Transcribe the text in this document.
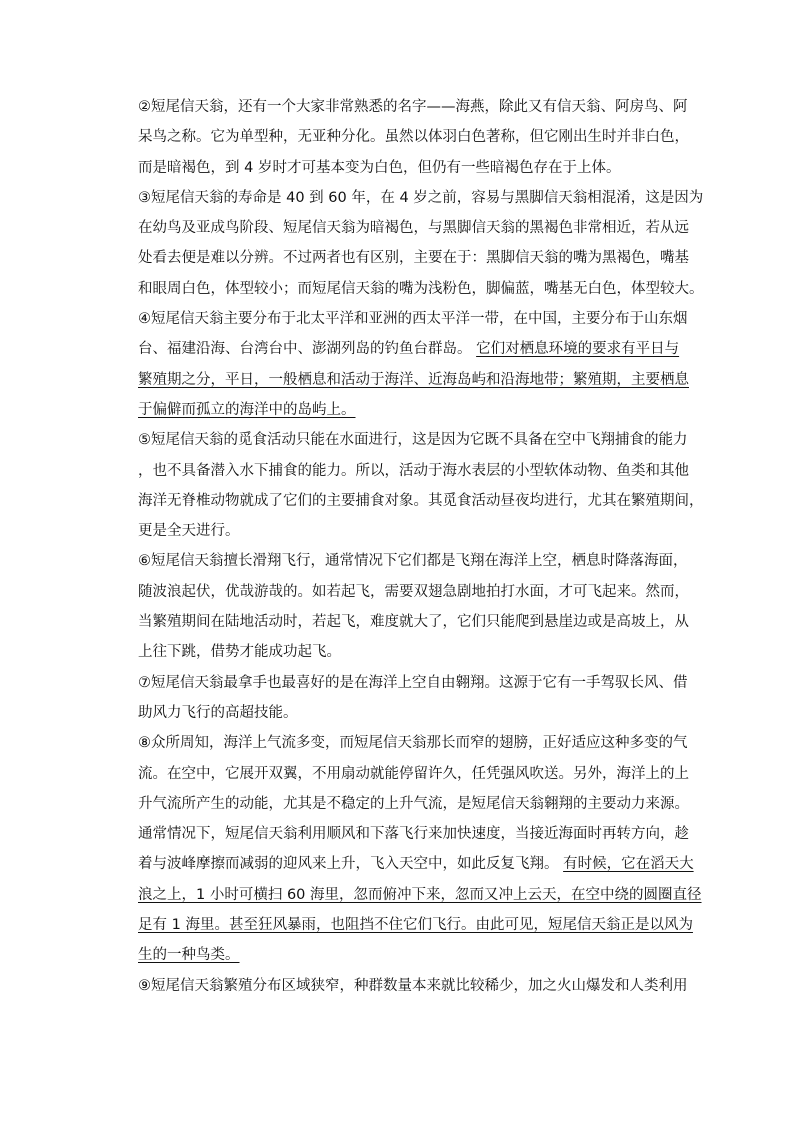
②短尾信天翁，还有一个大家非常熟悉的名字——海燕，除此又有信天翁、阿房鸟、阿
呆鸟之称。它为单型种，无亚种分化。虽然以体羽白色著称，但它刚出生时并非白色，
而是暗褐色，到 4 岁时才可基本变为白色，但仍有一些暗褐色存在于上体。
③短尾信天翁的寿命是 40 到 60 年，在 4 岁之前，容易与黑脚信天翁相混淆，这是因为
在幼鸟及亚成鸟阶段、短尾信天翁为暗褐色，与黑脚信天翁的黑褐色非常相近，若从远
处看去便是难以分辨。不过两者也有区别，主要在于：黑脚信天翁的嘴为黑褐色，嘴基
和眼周白色，体型较小；而短尾信天翁的嘴为浅粉色，脚偏蓝，嘴基无白色，体型较大。
④短尾信天翁主要分布于北太平洋和亚洲的西太平洋一带，在中国，主要分布于山东烟
台、福建沿海、台湾台中、澎湖列岛的钓鱼台群岛。 它们对栖息环境的要求有平日与
繁殖期之分，平日，一般栖息和活动于海洋、近海岛屿和沿海地带；繁殖期，主要栖息
于偏僻而孤立的海洋中的岛屿上。
⑤短尾信天翁的觅食活动只能在水面进行，这是因为它既不具备在空中飞翔捕食的能力
，也不具备潜入水下捕食的能力。所以，活动于海水表层的小型软体动物、鱼类和其他
海洋无脊椎动物就成了它们的主要捕食对象。其觅食活动昼夜均进行，尤其在繁殖期间，
更是全天进行。
⑥短尾信天翁擅长滑翔飞行，通常情况下它们都是飞翔在海洋上空，栖息时降落海面，
随波浪起伏，优哉游哉的。如若起飞，需要双翅急剧地拍打水面，才可飞起来。然而，
当繁殖期间在陆地活动时，若起飞，难度就大了，它们只能爬到悬崖边或是高坡上，从
上往下跳，借势才能成功起飞。
⑦短尾信天翁最拿手也最喜好的是在海洋上空自由翱翔。这源于它有一手驾驭长风、借
助风力飞行的高超技能。
⑧众所周知，海洋上气流多变，而短尾信天翁那长而窄的翅膀，正好适应这种多变的气
流。在空中，它展开双翼，不用扇动就能停留许久，任凭强风吹送。另外，海洋上的上
升气流所产生的动能，尤其是不稳定的上升气流，是短尾信天翁翱翔的主要动力来源。
通常情况下，短尾信天翁利用顺风和下落飞行来加快速度，当接近海面时再转方向，趁
着与波峰摩擦而减弱的迎风来上升，飞入天空中，如此反复飞翔。 有时候，它在滔天大
浪之上，1 小时可横扫 60 海里，忽而俯冲下来，忽而又冲上云天，在空中绕的圆圈直径
足有 1 海里。甚至狂风暴雨，也阻挡不住它们飞行。由此可见，短尾信天翁正是以风为
生的一种鸟类。
⑨短尾信天翁繁殖分布区域狭窄，种群数量本来就比较稀少，加之火山爆发和人类利用
